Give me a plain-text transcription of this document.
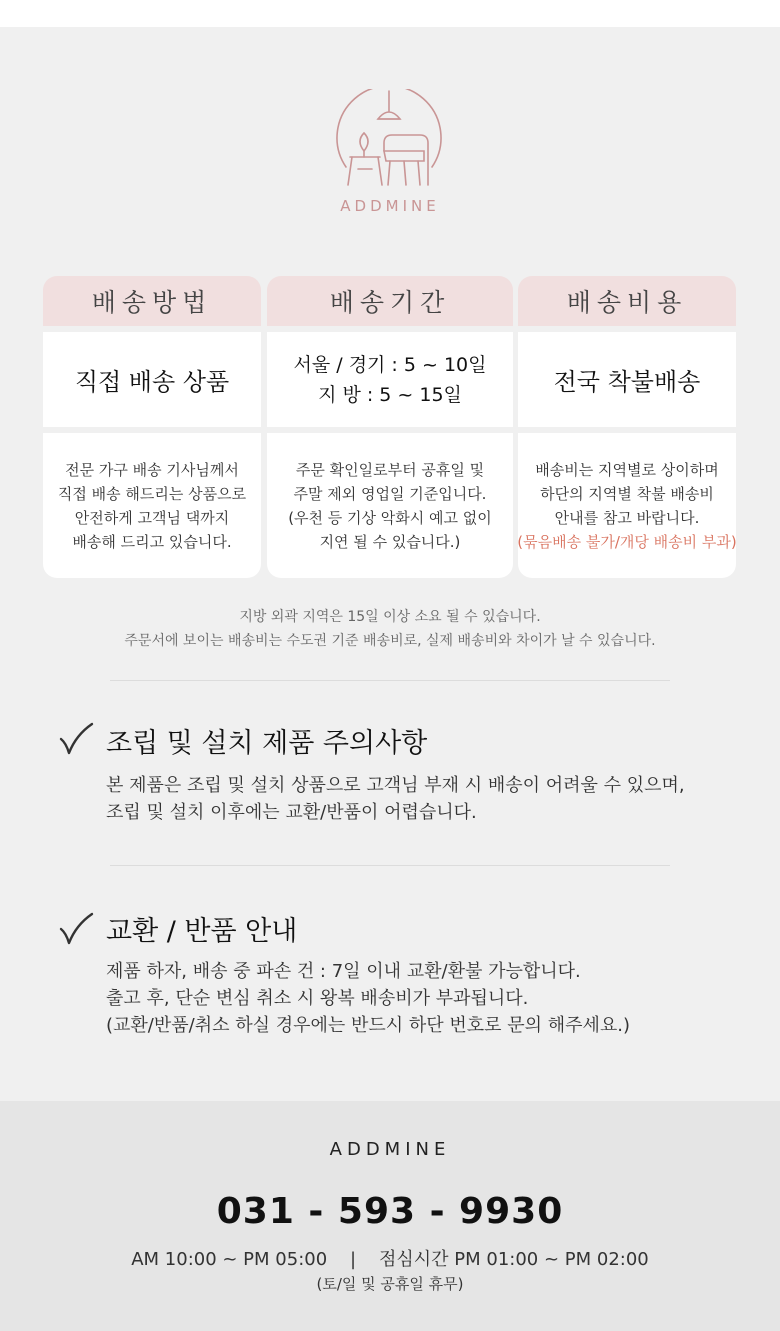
ADDMINE
배송방법
직접 배송 상품
전문 가구 배송 기사님께서
직접 배송 해드리는 상품으로
안전하게 고객님 댁까지
배송해 드리고 있습니다.
배송기간
서울 / 경기 : 5 ~ 10일
지 방 : 5 ~ 15일
주문 확인일로부터 공휴일 및
주말 제외 영업일 기준입니다.
(우천 등 기상 악화시 예고 없이
지연 될 수 있습니다.)
배송비용
전국 착불배송
배송비는 지역별로 상이하며
하단의 지역별 착불 배송비
안내를 참고 바랍니다.
(묶음배송 불가/개당 배송비 부과)
지방 외곽 지역은 15일 이상 소요 될 수 있습니다.
주문서에 보이는 배송비는 수도권 기준 배송비로, 실제 배송비와 차이가 날 수 있습니다.
조립 및 설치 제품 주의사항
본 제품은 조립 및 설치 상품으로 고객님 부재 시 배송이 어려울 수 있으며,
조립 및 설치 이후에는 교환/반품이 어렵습니다.
교환 / 반품 안내
제품 하자, 배송 중 파손 건 : 7일 이내 교환/환불 가능합니다.
출고 후, 단순 변심 취소 시 왕복 배송비가 부과됩니다.
(교환/반품/취소 하실 경우에는 반드시 하단 번호로 문의 해주세요.)
ADDMINE
031 - 593 - 9930
AM 10:00 ~ PM 05:00    |    점심시간 PM 01:00 ~ PM 02:00
(토/일 및 공휴일 휴무)
